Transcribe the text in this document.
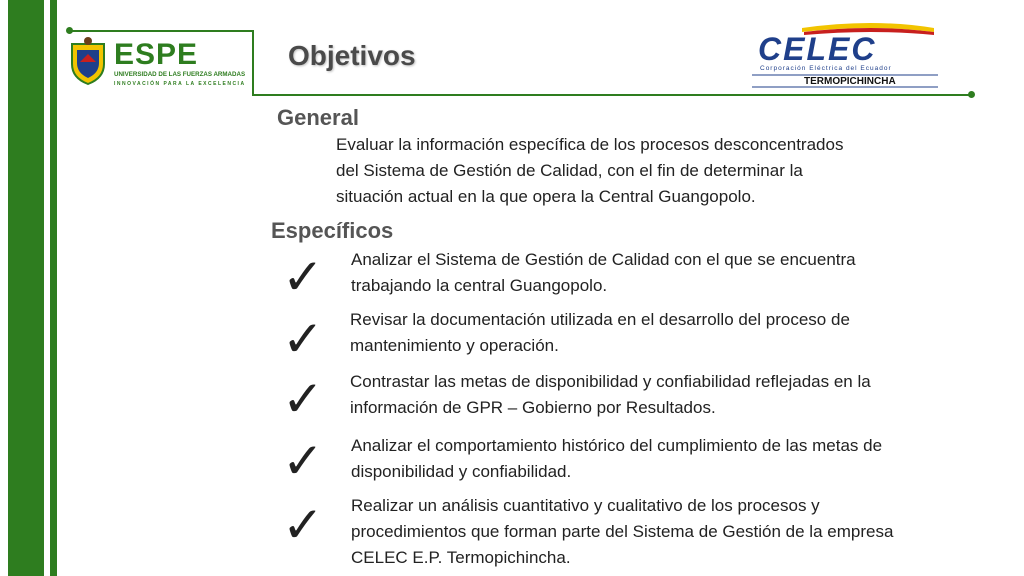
ESPE
UNIVERSIDAD DE LAS FUERZAS ARMADAS
INNOVACIÓN PARA LA EXCELENCIA
Objetivos	CELEC
Corporación Eléctrica del Ecuador
TERMOPICHINCHA
General
Evaluar la información específica de los procesos desconcentrados
del Sistema de Gestión de Calidad, con el fin de determinar la
situación actual en la que opera la Central Guangopolo.
Específicos
✓ Analizar el Sistema de Gestión de Calidad con el que se encuentra
trabajando la central Guangopolo.
✓ Revisar la documentación utilizada en el desarrollo del proceso de
mantenimiento y operación.
✓ Contrastar las metas de disponibilidad y confiabilidad reflejadas en la
información de GPR – Gobierno por Resultados.
✓ Analizar el comportamiento histórico del cumplimiento de las metas de
disponibilidad y confiabilidad.
✓ Realizar un análisis cuantitativo y cualitativo de los procesos y
procedimientos que forman parte del Sistema de Gestión de la empresa
CELEC E.P. Termopichincha.
